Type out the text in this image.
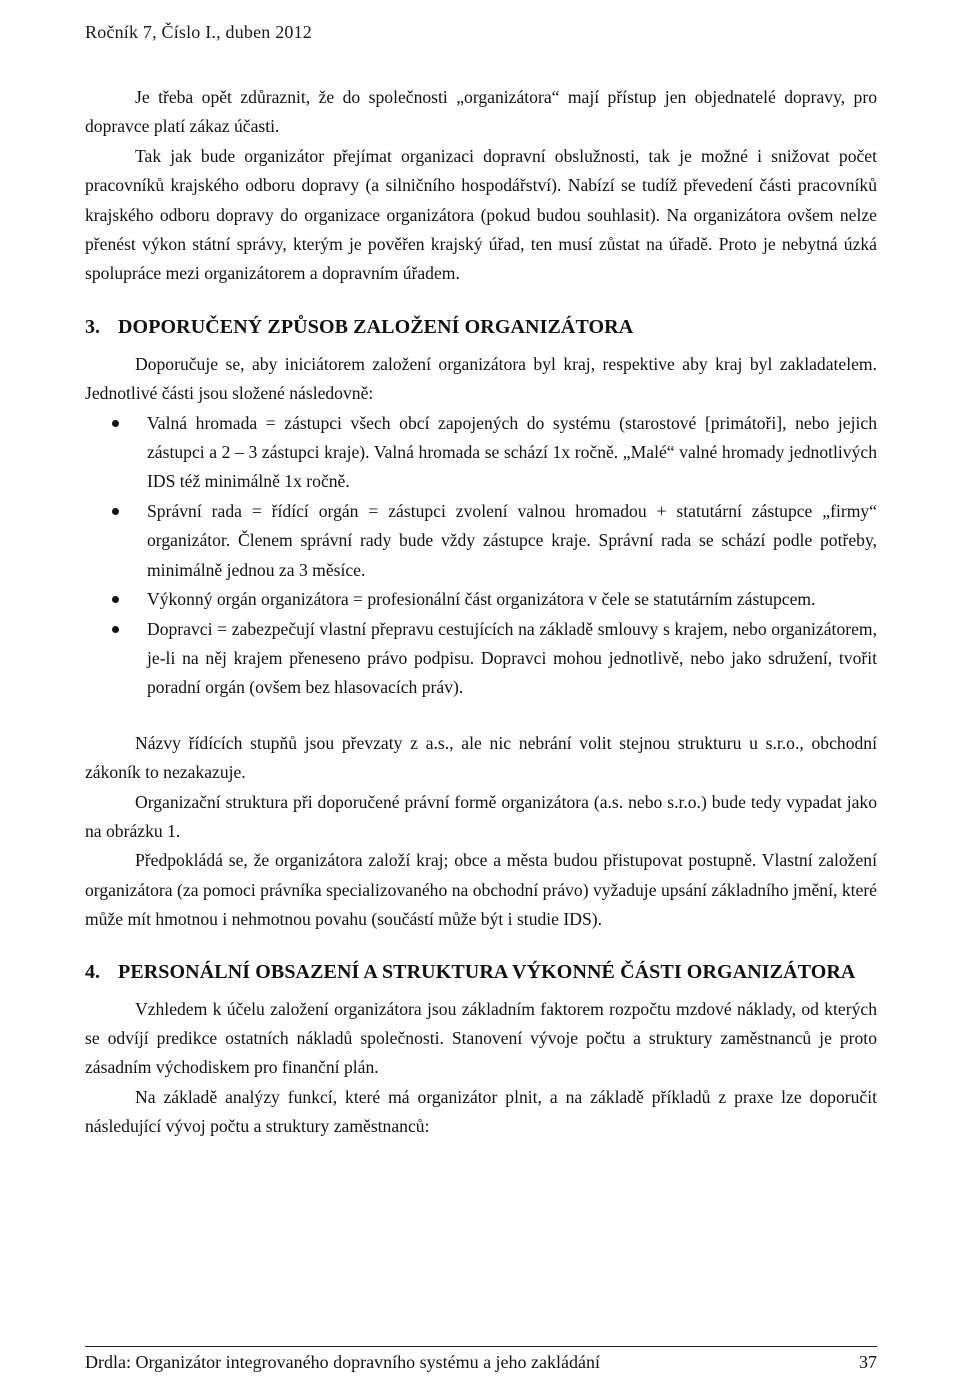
Ročník 7, Číslo I., duben 2012

Je třeba opět zdůraznit, že do společnosti „organizátora“ mají přístup jen objednatelé dopravy, pro dopravce platí zákaz účasti.

Tak jak bude organizátor přejímat organizaci dopravní obslužnosti, tak je možné i snižovat počet pracovníků krajského odboru dopravy (a silničního hospodářství). Nabízí se tudíž převedení části pracovníků krajského odboru dopravy do organizace organizátora (pokud budou souhlasit). Na organizátora ovšem nelze přenést výkon státní správy, kterým je pověřen krajský úřad, ten musí zůstat na úřadě. Proto je nebytná úzká spolupráce mezi organizátorem a dopravním úřadem.

3. DOPORUČENÝ ZPŮSOB ZALOŽENÍ ORGANIZÁTORA

Doporučuje se, aby iniciátorem založení organizátora byl kraj, respektive aby kraj byl zakladatelem. Jednotlivé části jsou složené následovně:

Valná hromada = zástupci všech obcí zapojených do systému (starostové [primátoři], nebo jejich zástupci a 2 – 3 zástupci kraje). Valná hromada se schází 1x ročně. „Malé“ valné hromady jednotlivých IDS též minimálně 1x ročně.
Správní rada = řídící orgán = zástupci zvolení valnou hromadou + statutární zástupce „firmy“ organizátor. Členem správní rady bude vždy zástupce kraje. Správní rada se schází podle potřeby, minimálně jednou za 3 měsíce.
Výkonný orgán organizátora = profesionální část organizátora v čele se statutárním zástupcem.
Dopravci = zabezpečují vlastní přepravu cestujících na základě smlouvy s krajem, nebo organizátorem, je-li na něj krajem přeneseno právo podpisu. Dopravci mohou jednotlivě, nebo jako sdružení, tvořit poradní orgán (ovšem bez hlasovacích práv).

Názvy řídících stupňů jsou převzaty z a.s., ale nic nebrání volit stejnou strukturu u s.r.o., obchodní zákoník to nezakazuje.

Organizační struktura při doporučené právní formě organizátora (a.s. nebo s.r.o.) bude tedy vypadat jako na obrázku 1.

Předpokládá se, že organizátora založí kraj; obce a města budou přistupovat postupně. Vlastní založení organizátora (za pomoci právníka specializovaného na obchodní právo) vyžaduje upsání základního jmění, které může mít hmotnou i nehmotnou povahu (součástí může být i studie IDS).

4. PERSONÁLNÍ OBSAZENÍ A STRUKTURA VÝKONNÉ ČÁSTI ORGANIZÁTORA

Vzhledem k účelu založení organizátora jsou základním faktorem rozpočtu mzdové náklady, od kterých se odvíjí predikce ostatních nákladů společnosti. Stanovení vývoje počtu a struktury zaměstnanců je proto zásadním východiskem pro finanční plán.

Na základě analýzy funkcí, které má organizátor plnit, a na základě příkladů z praxe lze doporučit následující vývoj počtu a struktury zaměstnanců:

Drdla: Organizátor integrovaného dopravního systému a jeho zakládání	37
